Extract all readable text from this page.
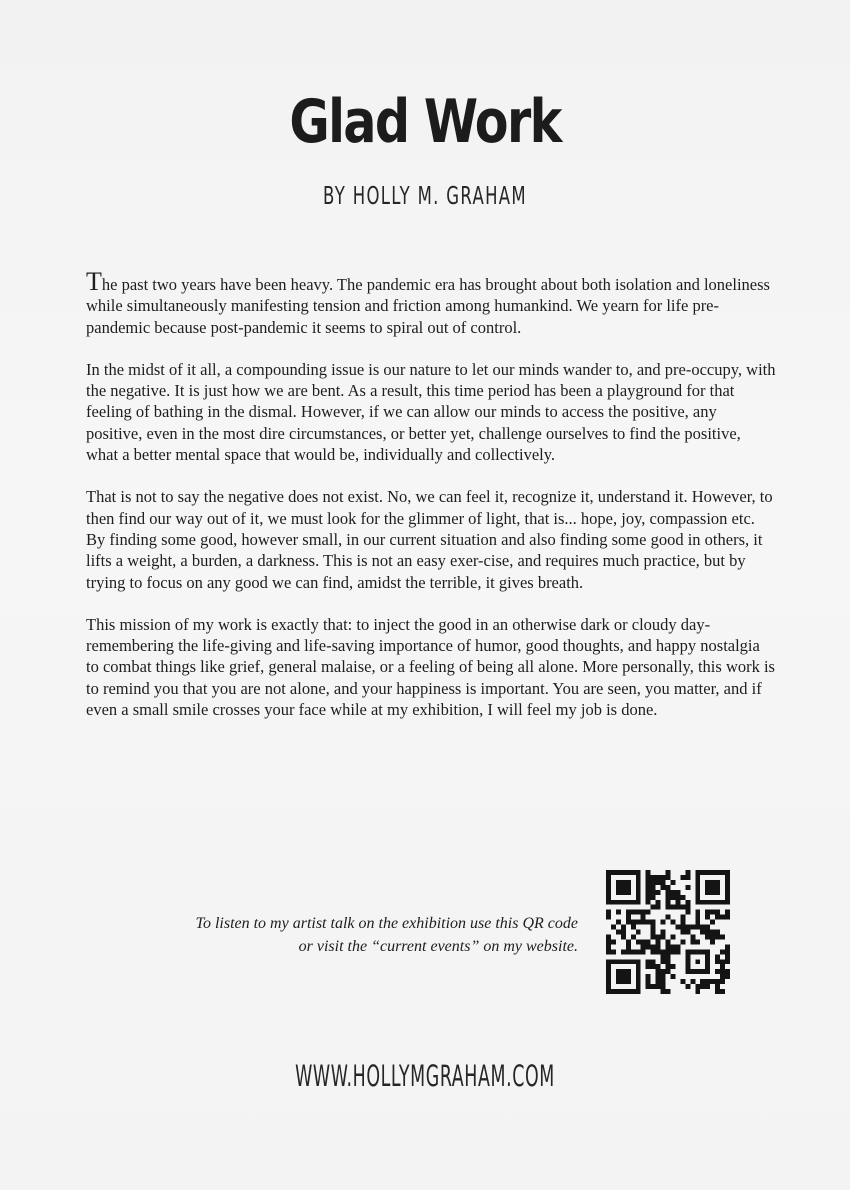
Glad Work
BY HOLLY M. GRAHAM

The past two years have been heavy. The pandemic era has brought about both isolation and loneliness while simultaneously manifesting tension and friction among humankind. We yearn for life pre-pandemic because post-pandemic it seems to spiral out of control.

In the midst of it all, a compounding issue is our nature to let our minds wander to, and pre-occupy, with the negative. It is just how we are bent. As a result, this time period has been a playground for that feeling of bathing in the dismal. However, if we can allow our minds to access the positive, any positive, even in the most dire circumstances, or better yet, challenge ourselves to find the positive, what a better mental space that would be, individually and collectively.

That is not to say the negative does not exist. No, we can feel it, recognize it, understand it. However, to then find our way out of it, we must look for the glimmer of light, that is... hope, joy, compassion etc. By finding some good, however small, in our current situation and also finding some good in others, it lifts a weight, a burden, a darkness. This is not an easy exer-cise, and requires much practice, but by trying to focus on any good we can find, amidst the terrible, it gives breath.

This mission of my work is exactly that: to inject the good in an otherwise dark or cloudy day-remembering the life-giving and life-saving importance of humor, good thoughts, and happy nostalgia to combat things like grief, general malaise, or a feeling of being all alone. More personally, this work is to remind you that you are not alone, and your happiness is important. You are seen, you matter, and if even a small smile crosses your face while at my exhibition, I will feel my job is done.

To listen to my artist talk on the exhibition use this QR code
or visit the “current events” on my website.
WWW.HOLLYMGRAHAM.COM
